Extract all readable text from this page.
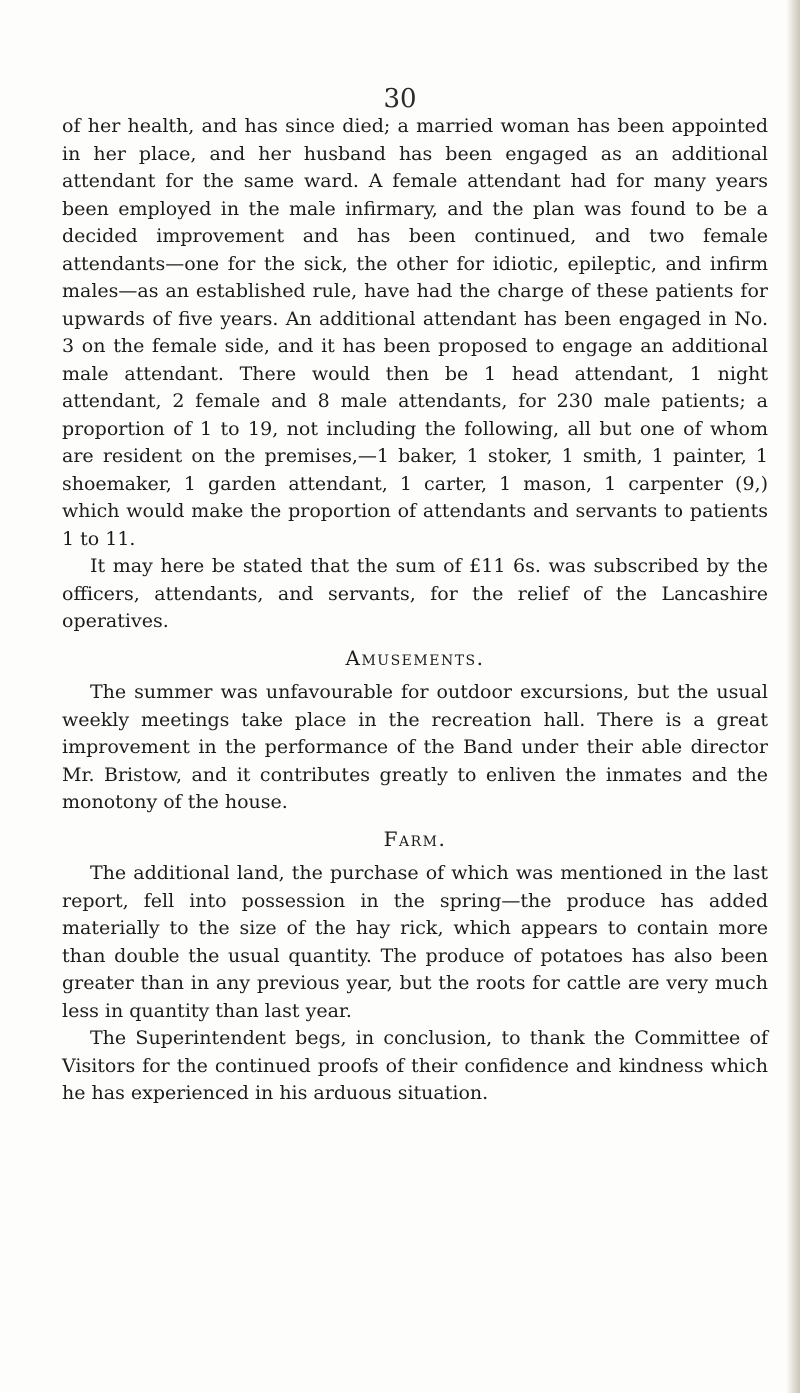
30

of her health, and has since died; a married woman has been appointed in her place, and her husband has been engaged as an additional attendant for the same ward. A female attendant had for many years been employed in the male infirmary, and the plan was found to be a decided improvement and has been continued, and two female attendants—one for the sick, the other for idiotic, epileptic, and infirm males—as an established rule, have had the charge of these patients for upwards of five years. An additional attendant has been engaged in No. 3 on the female side, and it has been proposed to engage an additional male attendant. There would then be 1 head attendant, 1 night attendant, 2 female and 8 male attendants, for 230 male patients; a proportion of 1 to 19, not including the following, all but one of whom are resident on the premises,—1 baker, 1 stoker, 1 smith, 1 painter, 1 shoemaker, 1 garden attendant, 1 carter, 1 mason, 1 carpenter (9,) which would make the proportion of attendants and servants to patients 1 to 11.

It may here be stated that the sum of £11 6s. was subscribed by the officers, attendants, and servants, for the relief of the Lancashire operatives.

Amusements.

The summer was unfavourable for outdoor excursions, but the usual weekly meetings take place in the recreation hall. There is a great improvement in the performance of the Band under their able director Mr. Bristow, and it contributes greatly to enliven the inmates and the monotony of the house.

Farm.

The additional land, the purchase of which was mentioned in the last report, fell into possession in the spring—the produce has added materially to the size of the hay rick, which appears to contain more than double the usual quantity. The produce of potatoes has also been greater than in any previous year, but the roots for cattle are very much less in quantity than last year.

The Superintendent begs, in conclusion, to thank the Committee of Visitors for the continued proofs of their confidence and kindness which he has experienced in his arduous situation.
